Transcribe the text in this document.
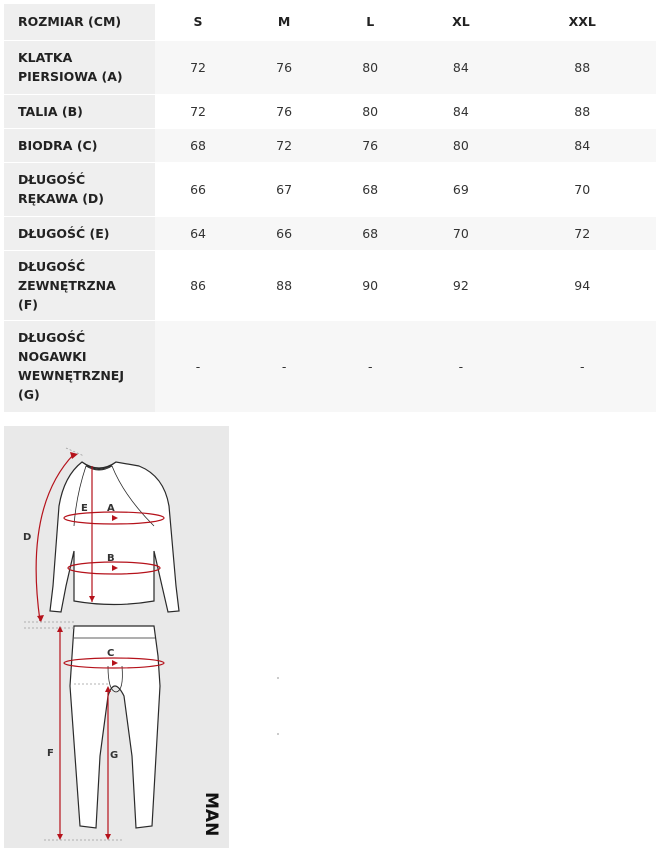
ROZMIAR (CM)	S	M	L	XL	XXL

KLATKA
PIERSIOWA (A)	72	76	80	84	88

TALIA (B)	72	76	80	84	88

BIODRA (C)	68	72	76	80	84

DŁUGOŚĆ
RĘKAWA (D)	66	67	68	69	70

DŁUGOŚĆ (E)	64	66	68	70	72

DŁUGOŚĆ
ZEWNĘTRZNA
(F)	86	88	90	92	94

DŁUGOŚĆ
NOGAWKI
WEWNĘTRZNEJ
(G)	-	-	-	-	-
A
B
C
D
E
F	G
MAN
